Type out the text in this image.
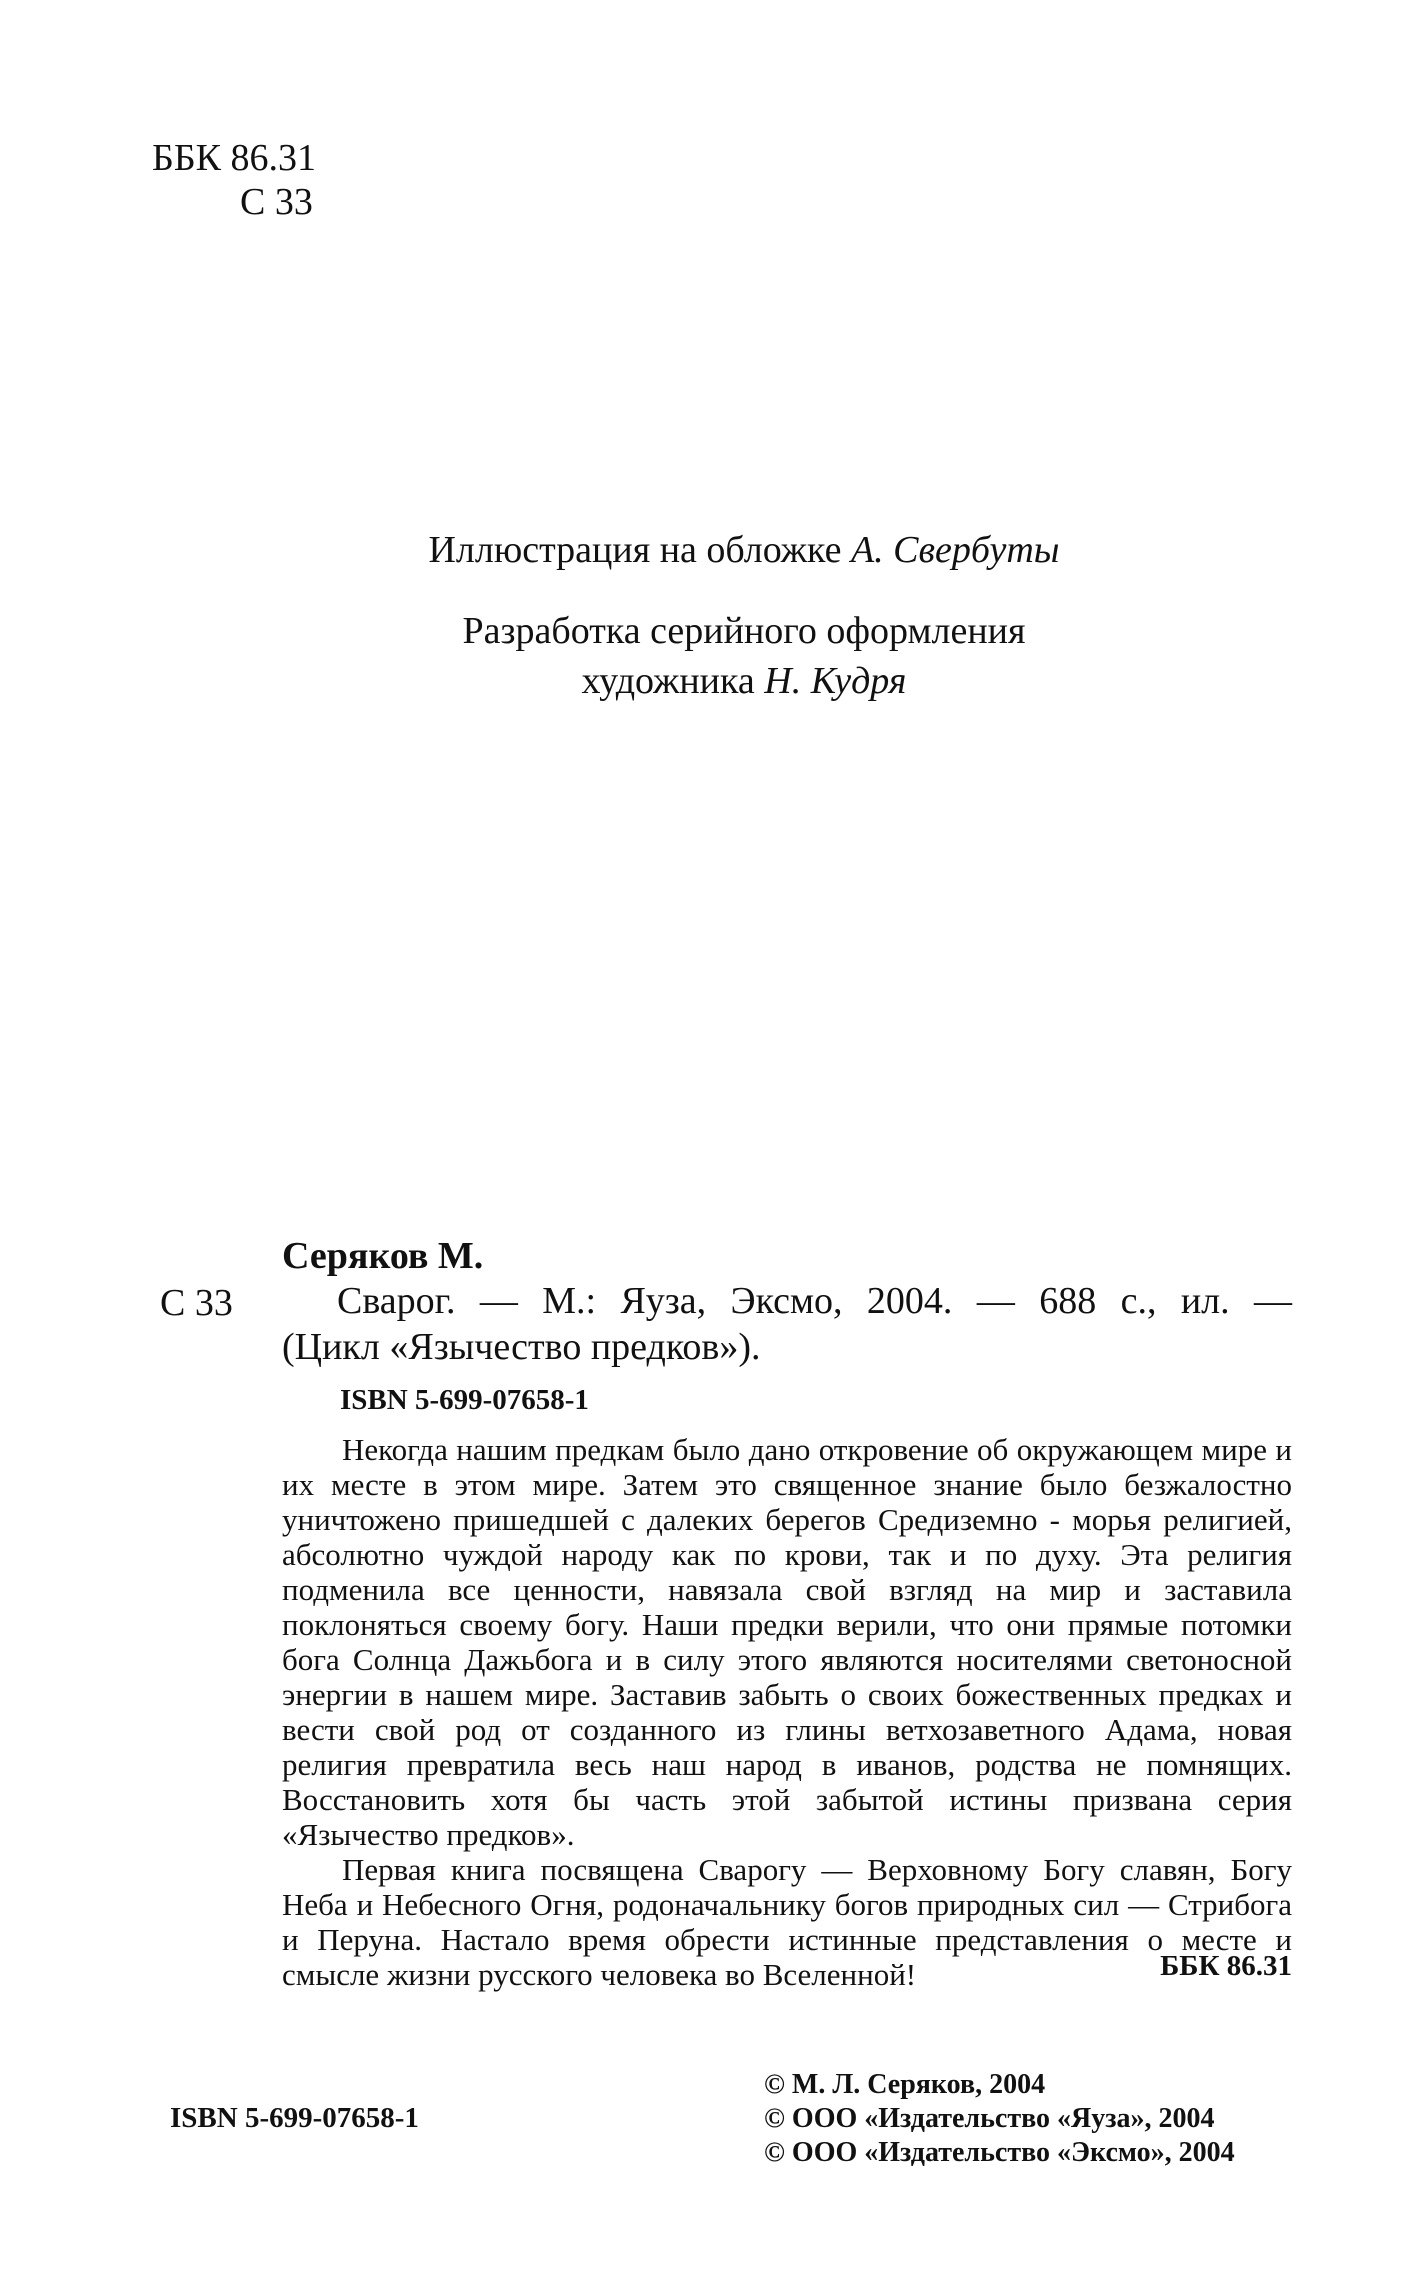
ББК 86.31
С 33
Иллюстрация на обложке А. Свербуты
Разработка серийного оформления
художника Н. Кудря
Серяков М.
С 33	Сварог. — М.: Яуза, Эксмо, 2004. — 688 с., ил. —
(Цикл «Язычество предков»).
ISBN 5-699-07658-1

Некогда нашим предкам было дано откровение об окружающем мире и их месте в этом мире. Затем это священное знание было безжалостно уничтожено пришедшей с далеких берегов Средиземно - морья религией, абсолютно чуждой народу как по крови, так и по духу. Эта религия подменила все ценности, навязала свой взгляд на мир и заставила поклоняться своему богу. Наши предки верили, что они прямые потомки бога Солнца Дажьбога и в силу этого являются носителями светоносной энергии в нашем мире. Заставив забыть о своих божественных предках и вести свой род от созданного из глины ветхозаветного Адама, новая религия превратила весь наш народ в иванов, родства не помнящих. Восстановить хотя бы часть этой забытой истины призвана серия «Язычество предков».

Первая книга посвящена Сварогу — Верховному Богу славян, Богу Неба и Небесного Огня, родоначальнику богов природных сил — Стрибога и Перуна. Настало время обрести истинные представления о месте и смысле жизни русского человека во Вселенной!	ББК 86.31
ISBN 5-699-07658-1
© М. Л. Серяков, 2004
© ООО «Издательство «Яуза», 2004
© ООО «Издательство «Эксмо», 2004
